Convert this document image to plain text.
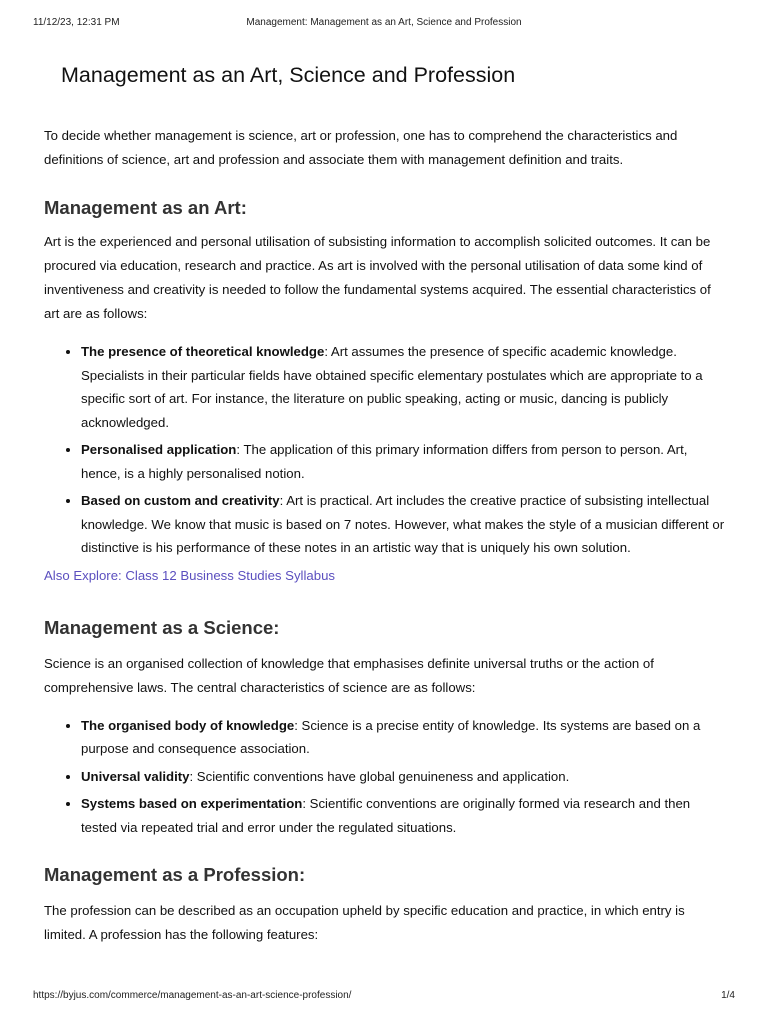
11/12/23, 12:31 PM	Management: Management as an Art, Science and Profession
Management as an Art, Science and Profession

To decide whether management is science, art or profession, one has to comprehend the characteristics and definitions of science, art and profession and associate them with management definition and traits.

Management as an Art:

Art is the experienced and personal utilisation of subsisting information to accomplish solicited outcomes. It can be procured via education, research and practice. As art is involved with the personal utilisation of data some kind of inventiveness and creativity is needed to follow the fundamental systems acquired. The essential characteristics of art are as follows:

• The presence of theoretical knowledge: Art assumes the presence of specific academic knowledge. Specialists in their particular fields have obtained specific elementary postulates which are appropriate to a specific sort of art. For instance, the literature on public speaking, acting or music, dancing is publicly acknowledged.
• Personalised application: The application of this primary information differs from person to person. Art, hence, is a highly personalised notion.
• Based on custom and creativity: Art is practical. Art includes the creative practice of subsisting intellectual knowledge. We know that music is based on 7 notes. However, what makes the style of a musician different or distinctive is his performance of these notes in an artistic way that is uniquely his own solution.

Also Explore: Class 12 Business Studies Syllabus

Management as a Science:

Science is an organised collection of knowledge that emphasises definite universal truths or the action of comprehensive laws. The central characteristics of science are as follows:

• The organised body of knowledge: Science is a precise entity of knowledge. Its systems are based on a purpose and consequence association.
• Universal validity: Scientific conventions have global genuineness and application.
• Systems based on experimentation: Scientific conventions are originally formed via research and then tested via repeated trial and error under the regulated situations.
Management as a Profession:

The profession can be described as an occupation upheld by specific education and practice, in which entry is limited. A profession has the following features:

https://byjus.com/commerce/management-as-an-art-science-profession/	1/4
